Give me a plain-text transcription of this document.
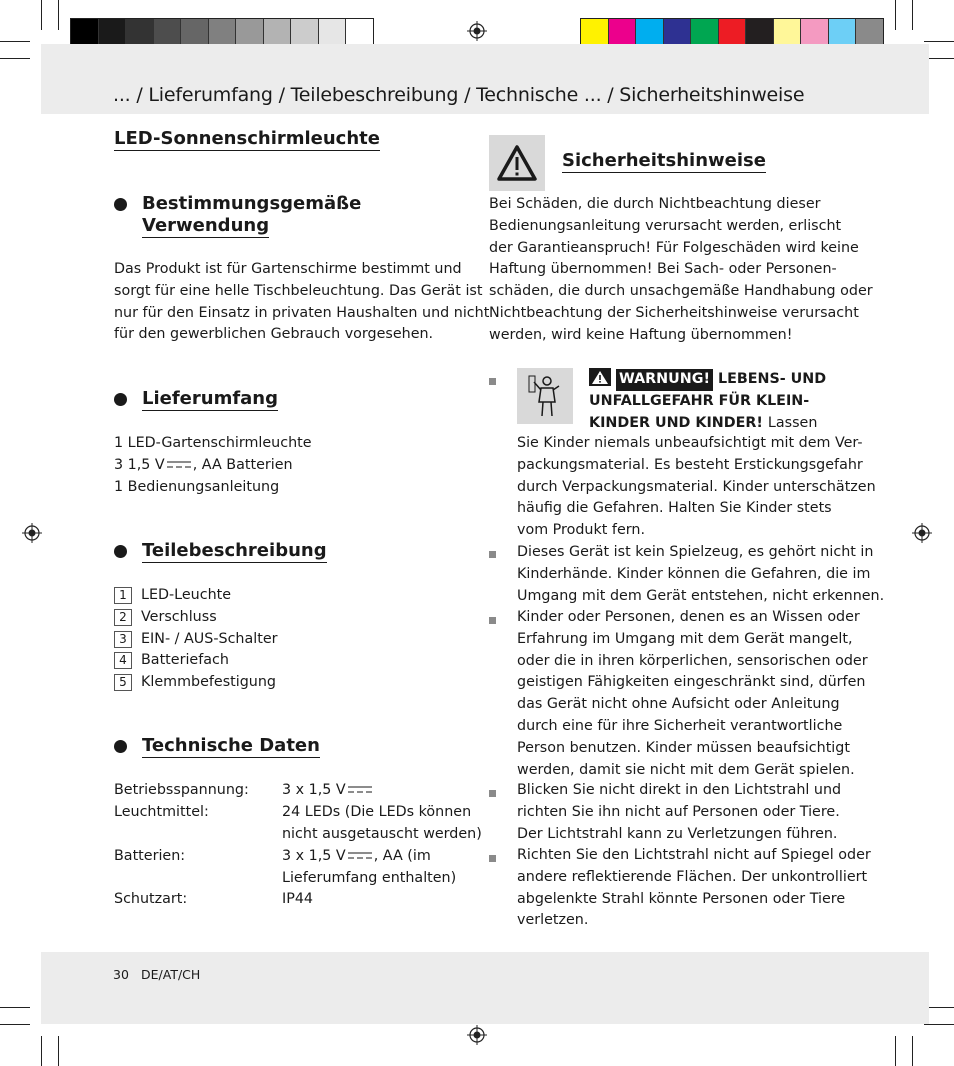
... / Lieferumfang / Teilebeschreibung / Technische ... / Sicherheitshinweise
LED-Sonnenschirmleuchte
Bestimmungsgemäße
Verwendung
Das Produkt ist für Gartenschirme bestimmt und
sorgt für eine helle Tischbeleuchtung. Das Gerät ist
nur für den Einsatz in privaten Haushalten und nicht
für den gewerblichen Gebrauch vorgesehen.
Lieferumfang
1 LED-Gartenschirmleuchte
3 1,5 V , AA Batterien
1 Bedienungsanleitung
Teilebeschreibung
1 LED-Leuchte
2 Verschluss
3 EIN- / AUS-Schalter
4 Batteriefach
5 Klemmbefestigung
Technische Daten
Betriebsspannung: 3 x 1,5 V
Leuchtmittel:	24 LEDs (Die LEDs können
nicht ausgetauscht werden)
Batterien:	3 x 1,5 V , AA (im
Lieferumfang enthalten)
Schutzart:	IP44
Sicherheitshinweise
Bei Schäden, die durch Nichtbeachtung dieser
Bedienungsanleitung verursacht werden, erlischt
der Garantieanspruch! Für Folgeschäden wird keine
Haftung übernommen! Bei Sach- oder Personen-
schäden, die durch unsachgemäße Handhabung oder
Nichtbeachtung der Sicherheitshinweise verursacht
werden, wird keine Haftung übernommen!
WARNUNG! LEBENS- UND
UNFALLGEFAHR FÜR KLEIN-
KINDER UND KINDER! Lassen
Sie Kinder niemals unbeaufsichtigt mit dem Ver-
packungsmaterial. Es besteht Erstickungsgefahr
durch Verpackungsmaterial. Kinder unterschätzen
häufig die Gefahren. Halten Sie Kinder stets
vom Produkt fern.
Dieses Gerät ist kein Spielzeug, es gehört nicht in
Kinderhände. Kinder können die Gefahren, die im
Umgang mit dem Gerät entstehen, nicht erkennen.
Kinder oder Personen, denen es an Wissen oder
Erfahrung im Umgang mit dem Gerät mangelt,
oder die in ihren körperlichen, sensorischen oder
geistigen Fähigkeiten eingeschränkt sind, dürfen
das Gerät nicht ohne Aufsicht oder Anleitung
durch eine für ihre Sicherheit verantwortliche
Person benutzen. Kinder müssen beaufsichtigt
werden, damit sie nicht mit dem Gerät spielen.
Blicken Sie nicht direkt in den Lichtstrahl und
richten Sie ihn nicht auf Personen oder Tiere.
Der Lichtstrahl kann zu Verletzungen führen.
Richten Sie den Lichtstrahl nicht auf Spiegel oder
andere reflektierende Flächen. Der unkontrolliert
abgelenkte Strahl könnte Personen oder Tiere
verletzen.
30 DE/AT/CH
